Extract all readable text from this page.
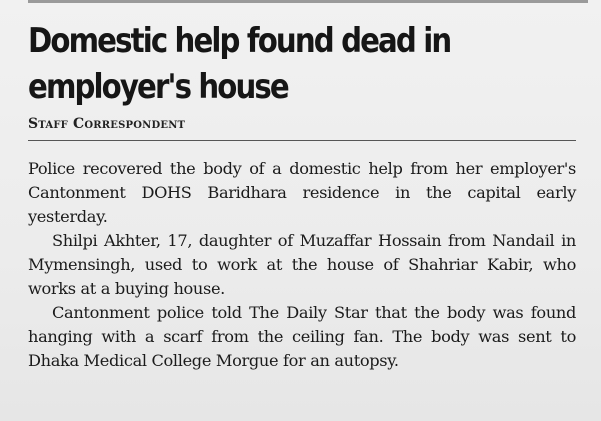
Domestic help found dead in
employer's house
Staff Correspondent

Police recovered the body of a domestic help from her employer's Cantonment DOHS Baridhara residence in the capital early yesterday.

Shilpi Akhter, 17, daughter of Muzaffar Hossain from Nandail in Mymensingh, used to work at the house of Shahriar Kabir, who works at a buying house.

Cantonment police told The Daily Star that the body was found hanging with a scarf from the ceiling fan. The body was sent to Dhaka Medical College Morgue for an autopsy.
